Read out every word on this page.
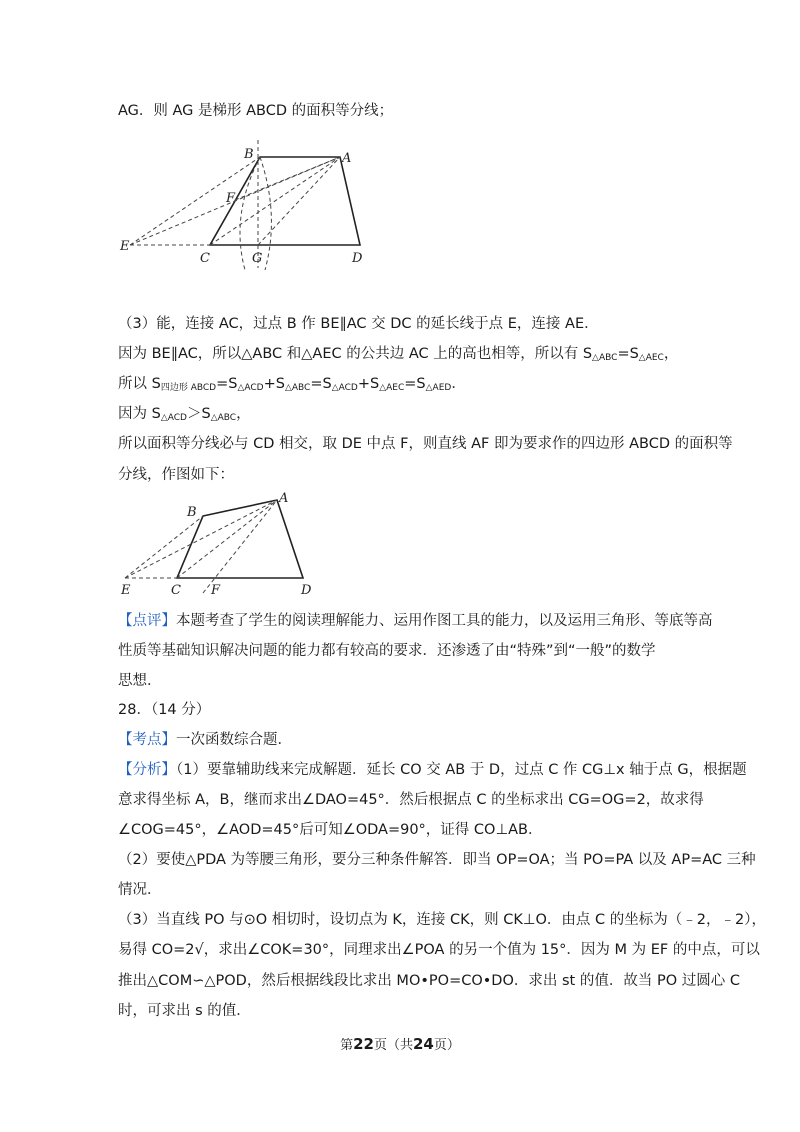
AG．则 AG 是梯形 ABCD 的面积等分线；
B	A
F
E
C	G	D
（3）能，连接 AC，过点 B 作 BE∥AC 交 DC 的延长线于点 E，连接 AE．
因为 BE∥AC，所以△ABC 和△AEC 的公共边 AC 上的高也相等，所以有 $S_{\triangle ABC}=S_{\triangle AEC}$，
所以 $S_{四边形 ABCD}=S_{\triangle ACD}+S_{\triangle ABC}=S_{\triangle ACD}+S_{\triangle AEC}=S_{\triangle AED}$．
因为 $S_{\triangle ACD}>S_{\triangle ABC}$，
所以面积等分线必与 CD 相交，取 DE 中点 F，则直线 AF 即为要求作的四边形 ABCD 的面积等
分线，作图如下：
B
A
E	C F	D
【点评】本题考查了学生的阅读理解能力、运用作图工具的能力，以及运用三角形、等底等高
性质等基础知识解决问题的能力都有较高的要求．还渗透了由“特殊”到“一般”的数学
思想．
28．（14 分）
【考点】一次函数综合题．
【分析】（1）要靠辅助线来完成解题．延长 CO 交 AB 于 D，过点 C 作 CG⊥x 轴于点 G，根据题
意求得坐标 A，B，继而求出∠DAO=45°．然后根据点 C 的坐标求出 CG=OG=2，故求得
∠COG=45°，∠AOD=45°后可知∠ODA=90°，证得 CO⊥AB．
（2）要使△PDA 为等腰三角形，要分三种条件解答．即当 OP=OA；当 PO=PA 以及 AP=AC 三种
情况．
（3）当直线 PO 与⊙O 相切时，设切点为 K，连接 CK，则 CK⊥O．由点 C 的坐标为（﹣2，﹣2），
易得 CO=2√，求出∠COK=30°，同理求出∠POA 的另一个值为 15°．因为 M 为 EF 的中点，可以
推出△COM∽△POD，然后根据线段比求出 MO•PO=CO•DO．求出 st 的值．故当 PO 过圆心 C
时，可求出 s 的值．
第22页（共24页）
